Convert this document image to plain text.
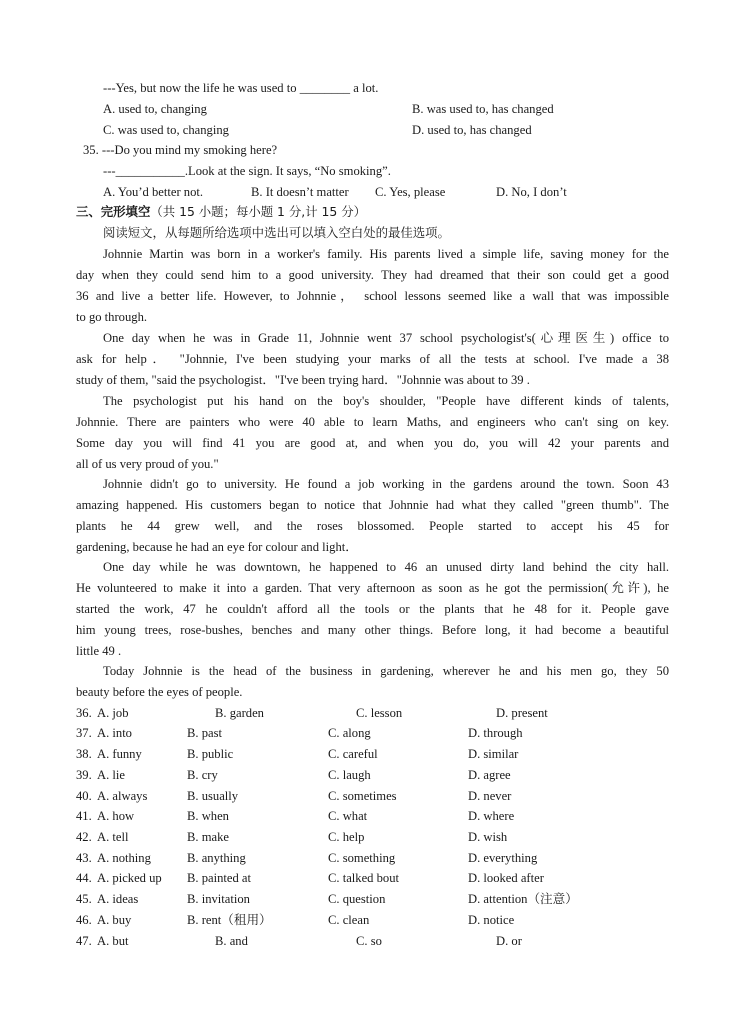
---Yes, but now the life he was used to ________ a lot.
A. used to, changing	B. was used to, has changed
C. was used to, changing	D. used to, has changed
35. ---Do you mind my smoking here?
---___________.Look at the sign. It says, “No smoking”.
A. You’d better not.	B. It doesn’t matter C. Yes, please	D. No, I don’t
三、完形填空（共 15 小题；每小题 1 分,计 15 分）
阅读短文，从每题所给选项中选出可以填入空白处的最佳选项。
Johnnie Martin was born in a worker's family. His parents lived a simple life, saving money for the
day when they could send him to a good university. They had dreamed that their son could get a good
36 and live a better life. However, to Johnnie， school lessons seemed like a wall that was impossible
to go through.
One day when he was in Grade 11, Johnnie went 37 school psychologist's(心理医生) office to
ask for help． "Johnnie, I've been studying your marks of all the tests at school. I've made a 38
study of them, "said the psychologist．"I've been trying hard．"Johnnie was about to 39 .
The psychologist put his hand on the boy's shoulder, "People have different kinds of talents,
Johnnie. There are painters who were 40 able to learn Maths, and engineers who can't sing on key.
Some day you will find 41 you are good at, and when you do, you will 42 your parents and
all of us very proud of you."
Johnnie didn't go to university. He found a job working in the gardens around the town. Soon 43
amazing happened. His customers began to notice that Johnnie had what they called "green thumb". The
plants he 44 grew well, and the roses blossomed. People started to accept his 45 for
gardening, because he had an eye for colour and light．
One day while he was downtown, he happened to 46 an unused dirty land behind the city hall.
He volunteered to make it into a garden. That very afternoon as soon as he got the permission(允许), he
started the work, 47 he couldn't afford all the tools or the plants that he 48 for it. People gave
him young trees, rose-bushes, benches and many other things. Before long, it had become a beautiful
little 49 .
Today Johnnie is the head of the business in gardening, wherever he and his men go, they 50
beauty before the eyes of people.
36. A. job	B. garden	C. lesson	D. present
37. A. into	B. past	C. along	D. through
38. A. funny	B. public	C. careful	D. similar
39. A. lie	B. cry	C. laugh	D. agree
40. A. always	B. usually	C. sometimes	D. never
41. A. how	B. when	C. what	D. where
42. A. tell	B. make	C. help	D. wish
43. A. nothing	B. anything	C. something	D. everything
44. A. picked up B. painted at	C. talked bout	D. looked after
45. A. ideas	B. invitation	C. question	D. attention（注意）
46. A. buy	B. rent（租用）	C. clean	D. notice
47. A. but	B. and	C. so	D. or
